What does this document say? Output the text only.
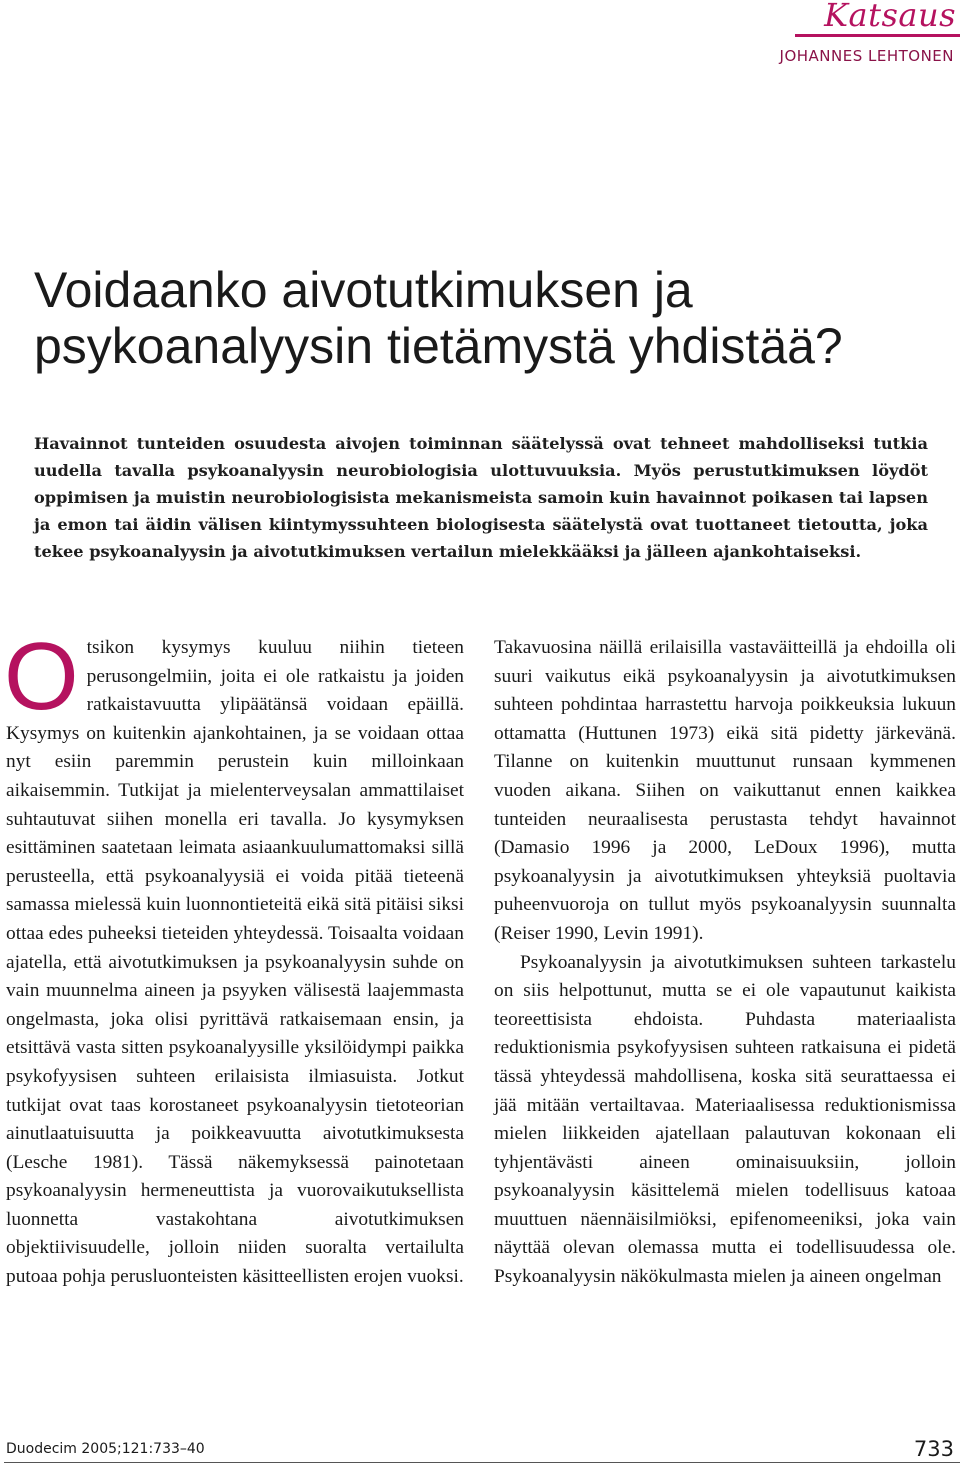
Katsaus
JOHANNES LEHTONEN
Voidaanko aivotutkimuksen ja psykoanalyysin tietämystä yhdistää?

Havainnot tunteiden osuudesta aivojen toiminnan säätelyssä ovat tehneet mahdolliseksi tutkia uudella tavalla psykoanalyysin neurobiologisia ulottuvuuksia. Myös perustutkimuksen löydöt oppimisen ja muistin neurobiologisista mekanismeista samoin kuin havainnot poikasen tai lapsen ja emon tai äidin välisen kiintymyssuhteen biologisesta säätelystä ovat tuottaneet tietoutta, joka tekee psykoanalyysin ja aivotutkimuksen vertailun mielekkääksi ja jälleen ajankohtaiseksi.

O tsikon kysymys kuuluu niihin tieteen perusongelmiin, joita ei ole ratkaistu ja joiden ratkaistavuutta ylipäätänsä voidaan epäillä. Kysymys on kuitenkin ajankohtainen, ja se voidaan ottaa nyt esiin paremmin perustein kuin milloinkaan aikaisemmin. Tutkijat ja mielenterveysalan ammattilaiset suhtautuvat siihen monella eri tavalla. Jo kysymyksen esittäminen saatetaan leimata asiaankuulumattomaksi sillä perusteella, että psykoanalyysiä ei voida pitää tieteenä samassa mielessä kuin luonnontieteitä eikä sitä pitäisi siksi ottaa edes puheeksi tieteiden yhteydessä. Toisaalta voidaan ajatella, että aivotutkimuksen ja psykoanalyysin suhde on vain muunnelma aineen ja psyyken välisestä laajemmasta ongelmasta, joka olisi pyrittävä ratkaisemaan ensin, ja etsittävä vasta sitten psykoanalyysille yksilöidympi paikka psykofyysisen suhteen erilaisista ilmiasuista. Jotkut tutkijat ovat taas korostaneet psykoanalyysin tietoteorian ainutlaatuisuutta ja poikkeavuutta aivotutkimuksesta (Lesche 1981). Tässä näkemyksessä painotetaan psykoanalyysin hermeneuttista ja vuorovaikutuksellista luonnetta vastakohtana aivotutkimuksen objektiivisuudelle, jolloin niiden suoralta vertailulta putoaa pohja perusluonteisten käsitteellisten erojen vuoksi.

Takavuosina näillä erilaisilla vastaväitteillä ja ehdoilla oli suuri vaikutus eikä psykoanalyysin ja aivotutkimuksen suhteen pohdintaa harrastettu harvoja poikkeuksia lukuun ottamatta (Huttunen 1973) eikä sitä pidetty järkevänä. Tilanne on kuitenkin muuttunut runsaan kymmenen vuoden aikana. Siihen on vaikuttanut ennen kaikkea tunteiden neuraalisesta perustasta tehdyt havainnot (Damasio 1996 ja 2000, LeDoux 1996), mutta psykoanalyysin ja aivotutkimuksen yhteyksiä puoltavia puheenvuoroja on tullut myös psykoanalyysin suunnalta (Reiser 1990, Levin 1991).

Psykoanalyysin ja aivotutkimuksen suhteen tarkastelu on siis helpottunut, mutta se ei ole vapautunut kaikista teoreettisista ehdoista. Puhdasta materiaalista reduktionismia psykofyysisen suhteen ratkaisuna ei pidetä tässä yhteydessä mahdollisena, koska sitä seurattaessa ei jää mitään vertailtavaa. Materiaalisessa reduktionismissa mielen liikkeiden ajatellaan palautuvan kokonaan eli tyhjentävästi aineen ominaisuuksiin, jolloin psykoanalyysin käsittelemä mielen todellisuus katoaa muuttuen näennäisilmiöksi, epifenomeeniksi, joka vain näyttää olevan olemassa mutta ei todellisuudessa ole. Psykoanalyysin näkökulmasta mielen ja aineen ongelman

Duodecim 2005;121:733–40	733
